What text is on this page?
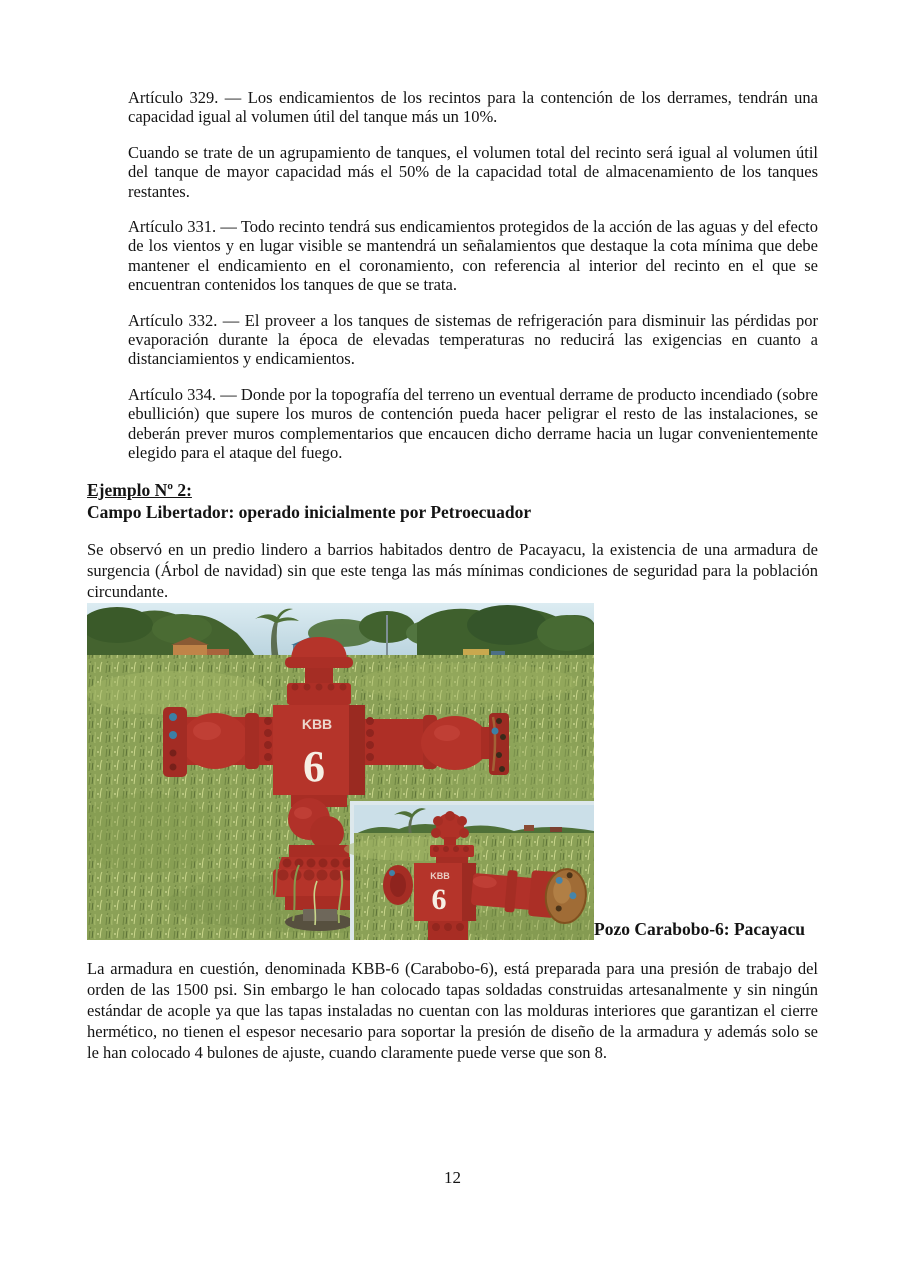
Artículo 329. — Los endicamientos de los recintos para la contención de los derrames, tendrán una capacidad igual al volumen útil del tanque más un 10%.

Cuando se trate de un agrupamiento de tanques, el volumen total del recinto será igual al volumen útil del tanque de mayor capacidad más el 50% de la capacidad total de almacenamiento de los tanques restantes.

Artículo 331. — Todo recinto tendrá sus endicamientos protegidos de la acción de las aguas y del efecto de los vientos y en lugar visible se mantendrá un señalamientos que destaque la cota mínima que debe mantener el endicamiento en el coronamiento, con referencia al interior del recinto en el que se encuentran contenidos los tanques de que se trata.

Artículo 332. — El proveer a los tanques de sistemas de refrigeración para disminuir las pérdidas por evaporación durante la época de elevadas temperaturas no reducirá las exigencias en cuanto a distanciamientos y endicamientos.

Artículo 334. — Donde por la topografía del terreno un eventual derrame de producto incendiado (sobre ebullición) que supere los muros de contención pueda hacer peligrar el resto de las instalaciones, se deberán prever muros complementarios que encaucen dicho derrame hacia un lugar convenientemente elegido para el ataque del fuego.

Ejemplo Nº 2:
Campo Libertador: operado inicialmente por Petroecuador

Se observó en un predio lindero a barrios habitados dentro de Pacayacu, la existencia de una armadura de surgencia (Árbol de navidad) sin que este tenga las más mínimas condiciones de seguridad para la población circundante.

KBB
6
KBB
6
Pozo Carabobo-6: Pacayacu

La armadura en cuestión, denominada KBB-6 (Carabobo-6), está preparada para una presión de trabajo del orden de las 1500 psi. Sin embargo le han colocado tapas soldadas construidas artesanalmente y sin ningún estándar de acople ya que las tapas instaladas no cuentan con las molduras interiores que garantizan el cierre hermético, no tienen el espesor necesario para soportar la presión de diseño de la armadura y además solo se le han colocado 4 bulones de ajuste, cuando claramente puede verse que son 8.

12
